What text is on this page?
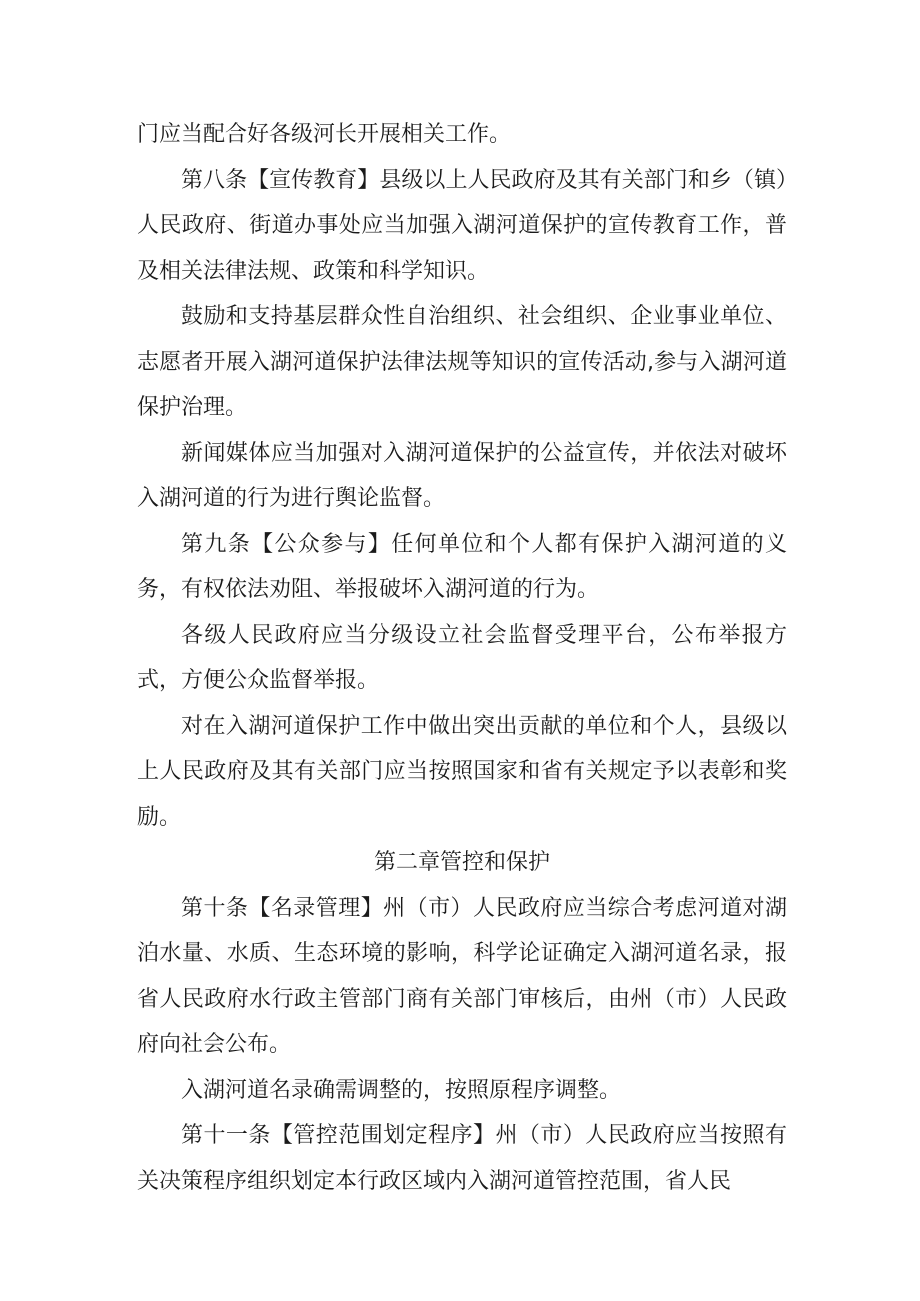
门应当配合好各级河长开展相关工作。

第八条【宣传教育】县级以上人民政府及其有关部门和乡（镇）人民政府、街道办事处应当加强入湖河道保护的宣传教育工作，普及相关法律法规、政策和科学知识。

鼓励和支持基层群众性自治组织、社会组织、企业事业单位、志愿者开展入湖河道保护法律法规等知识的宣传活动,参与入湖河道保护治理。

新闻媒体应当加强对入湖河道保护的公益宣传，并依法对破坏入湖河道的行为进行舆论监督。

第九条【公众参与】任何单位和个人都有保护入湖河道的义务，有权依法劝阻、举报破坏入湖河道的行为。

各级人民政府应当分级设立社会监督受理平台，公布举报方式，方便公众监督举报。

对在入湖河道保护工作中做出突出贡献的单位和个人，县级以上人民政府及其有关部门应当按照国家和省有关规定予以表彰和奖励。

第二章管控和保护

第十条【名录管理】州（市）人民政府应当综合考虑河道对湖泊水量、水质、生态环境的影响，科学论证确定入湖河道名录，报省人民政府水行政主管部门商有关部门审核后，由州（市）人民政府向社会公布。

入湖河道名录确需调整的，按照原程序调整。

第十一条【管控范围划定程序】州（市）人民政府应当按照有关决策程序组织划定本行政区域内入湖河道管控范围，省人民
